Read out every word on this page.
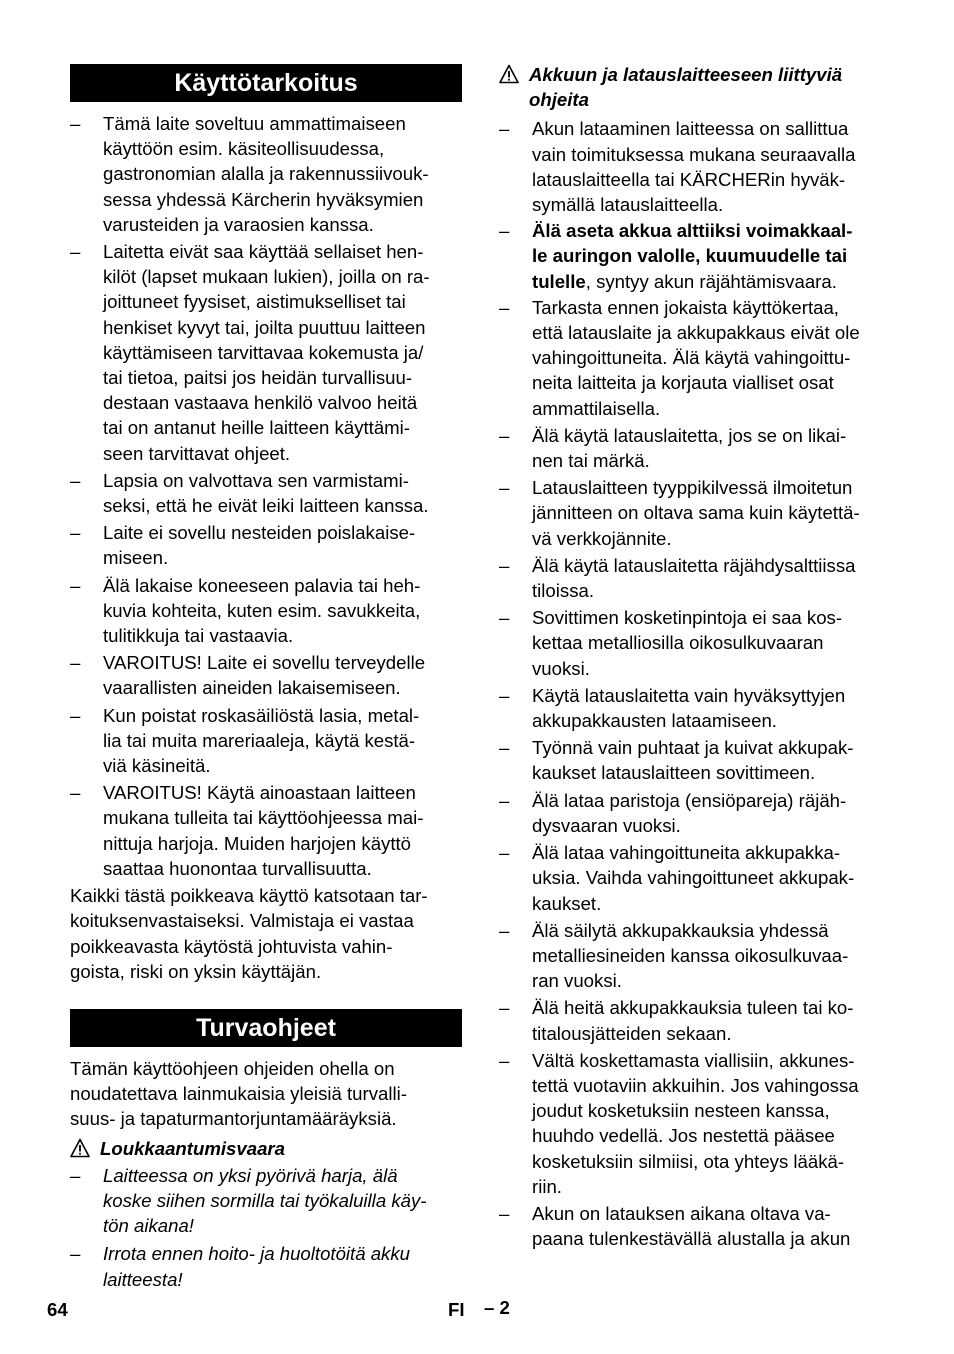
Käyttötarkoitus
–	Tämä laite soveltuu ammattimaiseen
käyttöön esim. käsiteollisuudessa,
gastronomian alalla ja rakennussiivouk-
sessa yhdessä Kärcherin hyväksymien
varusteiden ja varaosien kanssa.
–	Laitetta eivät saa käyttää sellaiset hen-
kilöt (lapset mukaan lukien), joilla on ra-
joittuneet fyysiset, aistimukselliset tai
henkiset kyvyt tai, joilta puuttuu laitteen
käyttämiseen tarvittavaa kokemusta ja/
tai tietoa, paitsi jos heidän turvallisuu-
destaan vastaava henkilö valvoo heitä
tai on antanut heille laitteen käyttämi-
seen tarvittavat ohjeet.
–	Lapsia on valvottava sen varmistami-
seksi, että he eivät leiki laitteen kanssa.
–	Laite ei sovellu nesteiden poislakaise-
miseen.
–	Älä lakaise koneeseen palavia tai heh-
kuvia kohteita, kuten esim. savukkeita,
tulitikkuja tai vastaavia.
–	VAROITUS! Laite ei sovellu terveydelle
vaarallisten aineiden lakaisemiseen.
–	Kun poistat roskasäiliöstä lasia, metal-
lia tai muita mareriaaleja, käytä kestä-
viä käsineitä.
–	VAROITUS! Käytä ainoastaan laitteen
mukana tulleita tai käyttöohjeessa mai-
nittuja harjoja. Muiden harjojen käyttö
saattaa huonontaa turvallisuutta.
Kaikki tästä poikkeava käyttö katsotaan tar-
koituksenvastaiseksi. Valmistaja ei vastaa
poikkeavasta käytöstä johtuvista vahin-
goista, riski on yksin käyttäjän.
Turvaohjeet
Tämän käyttöohjeen ohjeiden ohella on
noudatettava lainmukaisia yleisiä turvalli-
suus- ja tapaturmantorjuntamääräyksiä.
Loukkaantumisvaara
–	Laitteessa on yksi pyörivä harja, älä
koske siihen sormilla tai työkaluilla käy-
tön aikana!
–	Irrota ennen hoito- ja huoltotöitä akku
laitteesta!
Akkuun ja latauslaitteeseen liittyviä
ohjeita
–	Akun lataaminen laitteessa on sallittua
vain toimituksessa mukana seuraavalla
latauslaitteella tai KÄRCHERin hyväk-
symällä latauslaitteella.
–	Älä aseta akkua alttiiksi voimakkaal-
le auringon valolle, kuumuudelle tai
tulelle, syntyy akun räjähtämisvaara.
–	Tarkasta ennen jokaista käyttökertaa,
että latauslaite ja akkupakkaus eivät ole
vahingoittuneita. Älä käytä vahingoittu-
neita laitteita ja korjauta vialliset osat
ammattilaisella.
–	Älä käytä latauslaitetta, jos se on likai-
nen tai märkä.
–	Latauslaitteen tyyppikilvessä ilmoitetun
jännitteen on oltava sama kuin käytettä-
vä verkkojännite.
–	Älä käytä latauslaitetta räjähdysalttiissa
tiloissa.
–	Sovittimen kosketinpintoja ei saa kos-
kettaa metalliosilla oikosulkuvaaran
vuoksi.
–	Käytä latauslaitetta vain hyväksyttyjen
akkupakkausten lataamiseen.
–	Työnnä vain puhtaat ja kuivat akkupak-
kaukset latauslaitteen sovittimeen.
–	Älä lataa paristoja (ensiöpareja) räjäh-
dysvaaran vuoksi.
–	Älä lataa vahingoittuneita akkupakka-
uksia. Vaihda vahingoittuneet akkupak-
kaukset.
–	Älä säilytä akkupakkauksia yhdessä
metalliesineiden kanssa oikosulkuvaa-
ran vuoksi.
–	Älä heitä akkupakkauksia tuleen tai ko-
titalousjätteiden sekaan.
–	Vältä koskettamasta viallisiin, akkunes-
tettä vuotaviin akkuihin. Jos vahingossa
joudut kosketuksiin nesteen kanssa,
huuhdo vedellä. Jos nestettä pääsee
kosketuksiin silmiisi, ota yhteys lääkä-
riin.
–	Akun on latauksen aikana oltava va-
paana tulenkestävällä alustalla ja akun
64	FI – 2
